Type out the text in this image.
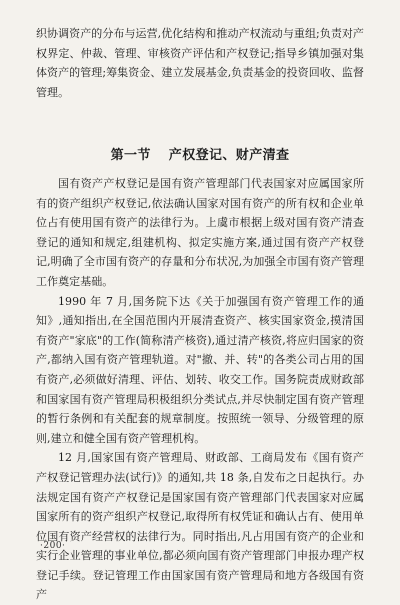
织协调资产的分布与运营,优化结构和推动产权流动与重组;负责对产权界定、仲裁、管理、审核资产评估和产权登记;指导乡镇加强对集体资产的管理;筹集资金、建立发展基金,负责基金的投资回收、监督管理。
第一节 产权登记、财产清查

国有资产产权登记是国有资产管理部门代表国家对应属国家所有的资产组织产权登记,依法确认国家对国有资产的所有权和企业单位占有使用国有资产的法律行为。上虞市根据上级对国有资产清查登记的通知和规定,组建机构、拟定实施方案,通过国有资产产权登记,明确了全市国有资产的存量和分布状况,为加强全市国有资产管理工作奠定基础。

1990 年 7 月,国务院下达《关于加强国有资产管理工作的通知》,通知指出,在全国范围内开展清查资产、核实国家资金,摸清国有资产"家底"的工作(简称清产核资),通过清产核资,将应归国家的资产,都纳入国有资产管理轨道。对"撤、并、转"的各类公司占用的国有资产,必须做好清理、评估、划转、收交工作。国务院责成财政部和国家国有资产管理局积极组织分类试点,并尽快制定国有资产管理的暂行条例和有关配套的规章制度。按照统一领导、分级管理的原则,建立和健全国有资产管理机构。

12 月,国家国有资产管理局、财政部、工商局发布《国有资产产权登记管理办法(试行)》的通知,共 18 条,自发布之日起执行。办法规定国有资产产权登记是国家国有资产管理部门代表国家对应属国家所有的资产组织产权登记,取得所有权凭证和确认占有、使用单位国有资产经营权的法律行为。同时指出,凡占用国有资产的企业和实行企业管理的事业单位,都必须向国有资产管理部门申报办理产权登记手续。登记管理工作由国家国有资产管理局和地方各级国有资产

·200·
